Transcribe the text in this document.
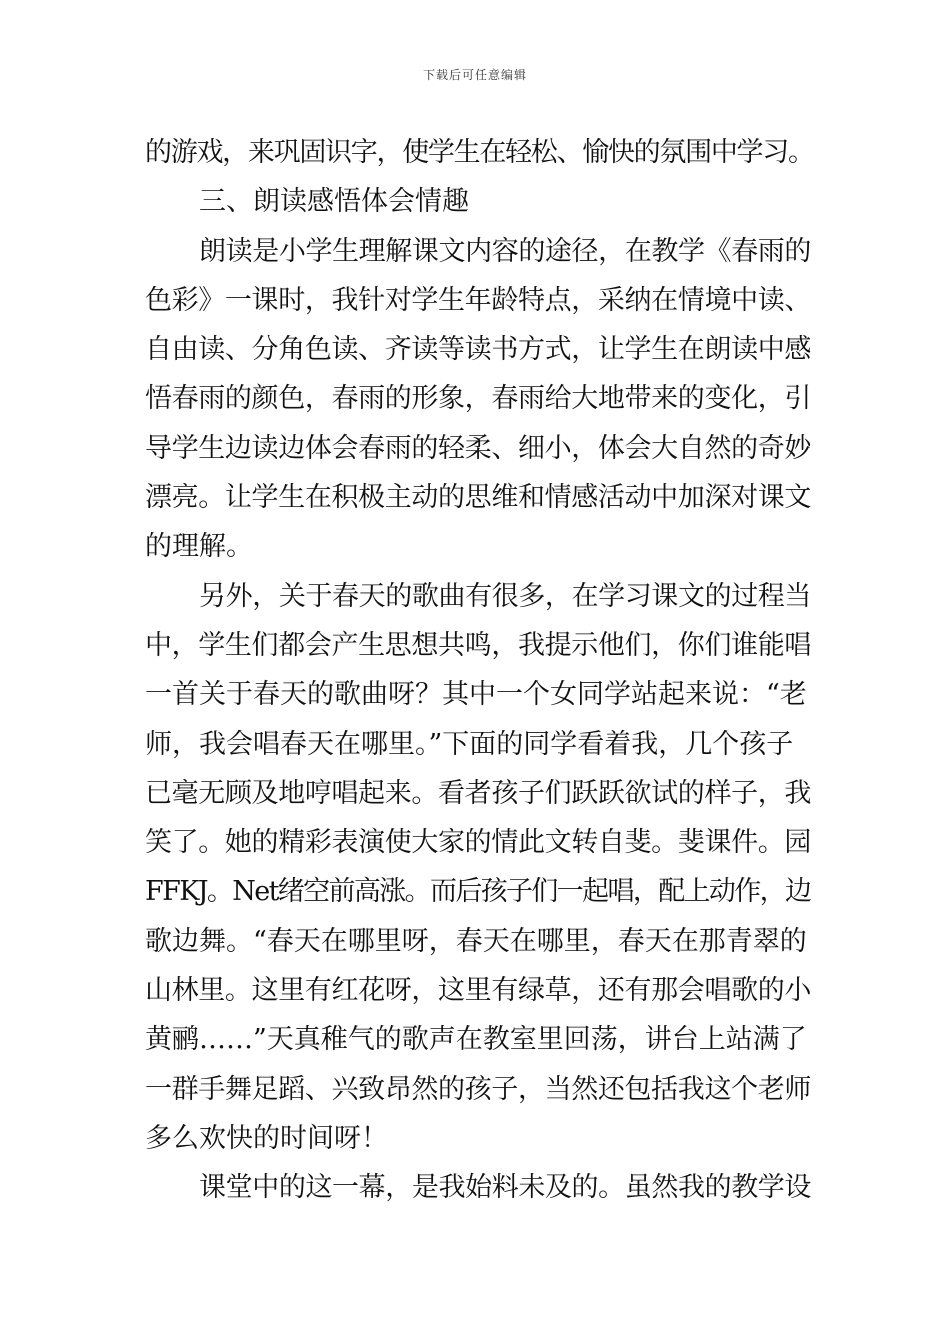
下载后可任意编辑
的游戏，来巩固识字，使学生在轻松、愉快的氛围中学习。
三、朗读感悟体会情趣
朗读是小学生理解课文内容的途径，在教学《春雨的
色彩》一课时，我针对学生年龄特点，采纳在情境中读、
自由读、分角色读、齐读等读书方式，让学生在朗读中感
悟春雨的颜色，春雨的形象，春雨给大地带来的变化，引
导学生边读边体会春雨的轻柔、细小，体会大自然的奇妙
漂亮。让学生在积极主动的思维和情感活动中加深对课文
的理解。
另外，关于春天的歌曲有很多，在学习课文的过程当
中，学生们都会产生思想共鸣，我提示他们，你们谁能唱
一首关于春天的歌曲呀？其中一个女同学站起来说：“老
师，我会唱春天在哪里。”下面的同学看着我，几个孩子
已毫无顾及地哼唱起来。看者孩子们跃跃欲试的样子，我
笑了。她的精彩表演使大家的情此文转自斐。斐课件。园
FFKJ。Net绪空前高涨。而后孩子们一起唱，配上动作，边
歌边舞。“春天在哪里呀，春天在哪里，春天在那青翠的
山林里。这里有红花呀，这里有绿草，还有那会唱歌的小
黄鹂……”天真稚气的歌声在教室里回荡，讲台上站满了
一群手舞足蹈、兴致昂然的孩子，当然还包括我这个老师
多么欢快的时间呀！
课堂中的这一幕，是我始料未及的。虽然我的教学设
